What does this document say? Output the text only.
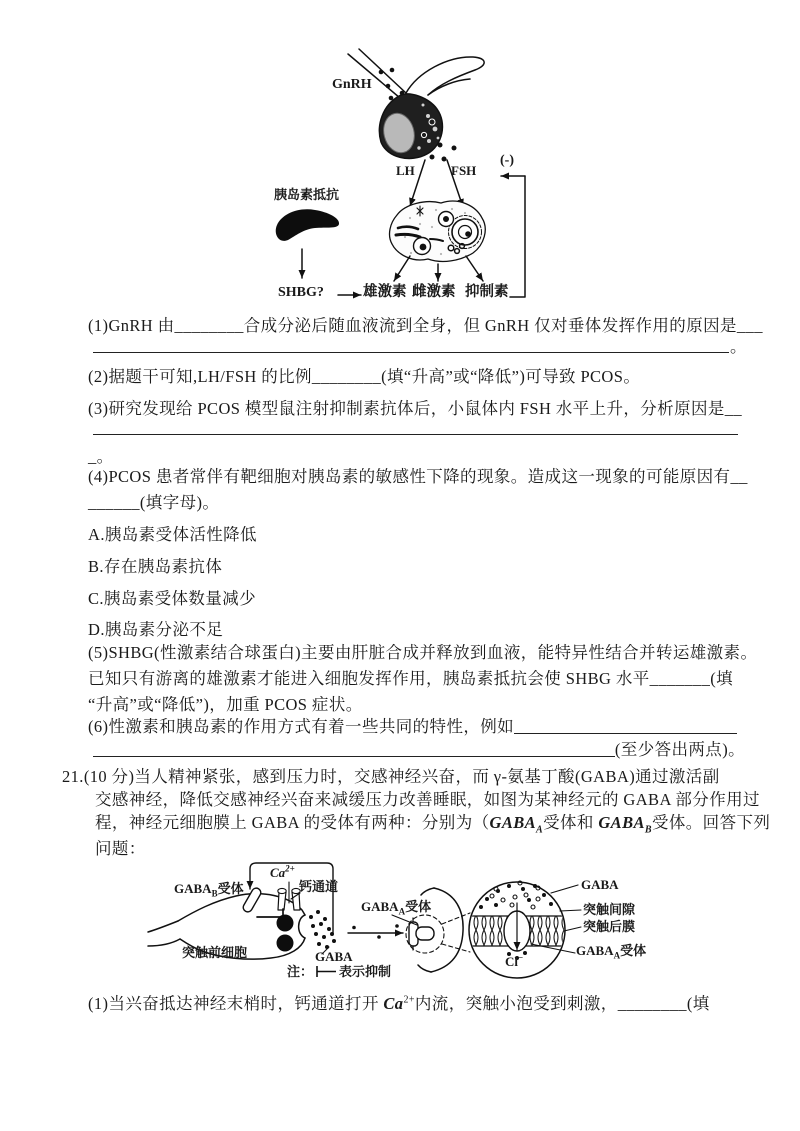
GnRH
LH	FSH
(-)
胰岛素抵抗
SHBG?	雄激素 雌激素 抑制素
(1)GnRH 由________合成分泌后随血液流到全身，但 GnRH 仅对垂体发挥作用的原因是___
。
(2)据题干可知,LH/FSH 的比例________(填“升高”或“降低”)可导致 PCOS。
(3)研究发现给 PCOS 模型鼠注射抑制素抗体后，小鼠体内 FSH 水平上升，分析原因是__
_。
(4)PCOS 患者常伴有靶细胞对胰岛素的敏感性下降的现象。造成这一现象的可能原因有__
______(填字母)。
A.胰岛素受体活性降低
B.存在胰岛素抗体
C.胰岛素受体数量减少
D.胰岛素分泌不足
(5)SHBG(性激素结合球蛋白)主要由肝脏合成并释放到血液，能特异性结合并转运雄激素。
已知只有游离的雄激素才能进入细胞发挥作用，胰岛素抵抗会使 SHBG 水平_______(填
“升高”或“降低”)，加重 PCOS 症状。
(6)性激素和胰岛素的作用方式有着一些共同的特性，例如
(至少答出两点)。
21.(10 分)当人精神紧张，感到压力时，交感神经兴奋，而 γ-氨基丁酸(GABA)通过激活副
交感神经，降低交感神经兴奋来减缓压力改善睡眠，如图为某神经元的 GABA 部分作用过
程，神经元细胞膜上 GABA 的受体有两种：分别为（$GABA_A$受体和 $GABA_B$受体。回答下列
问题：
$GABA_B$受体
$Ca^{2+}$
钙通道
突触前细胞	GABA
注： 表示抑制
$GABA_A$受体
GABA
突触间隙
突触后膜
$GABA_A$受体
Cl−
(1)当兴奋抵达神经末梢时，钙通道打开 $Ca^{2+}$内流，突触小泡受到刺激，________(填
